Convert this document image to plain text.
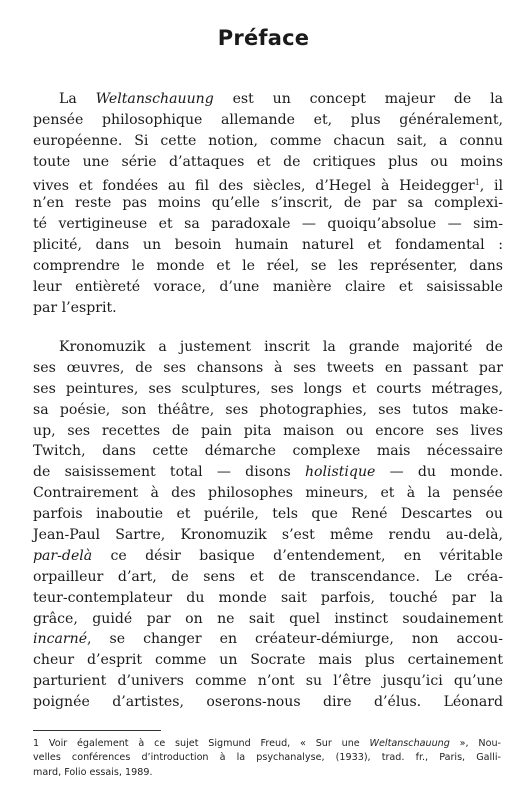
Préface
La Weltanschauung est un concept majeur de la
pensée philosophique allemande et, plus généralement,
européenne. Si cette notion, comme chacun sait, a connu
toute une série d’attaques et de critiques plus ou moins
vives et fondées au fil des siècles, d’Hegel à Heidegger$^1$, il
n’en reste pas moins qu’elle s’inscrit, de par sa complexi-
té vertigineuse et sa paradoxale — quoiqu’absolue — sim-
plicité, dans un besoin humain naturel et fondamental :
comprendre le monde et le réel, se les représenter, dans
leur entièreté vorace, d’une manière claire et saisissable
par l’esprit.
Kronomuzik a justement inscrit la grande majorité de
ses œuvres, de ses chansons à ses tweets en passant par
ses peintures, ses sculptures, ses longs et courts métrages,
sa poésie, son théâtre, ses photographies, ses tutos make-
up, ses recettes de pain pita maison ou encore ses lives
Twitch, dans cette démarche complexe mais nécessaire
de saisissement total — disons holistique — du monde.
Contrairement à des philosophes mineurs, et à la pensée
parfois inaboutie et puérile, tels que René Descartes ou
Jean-Paul Sartre, Kronomuzik s’est même rendu au-delà,
par-delà ce désir basique d’entendement, en véritable
orpailleur d’art, de sens et de transcendance. Le créa-
teur-contemplateur du monde sait parfois, touché par la
grâce, guidé par on ne sait quel instinct soudainement
incarné, se changer en créateur-démiurge, non accou-
cheur d’esprit comme un Socrate mais plus certainement
parturient d’univers comme n’ont su l’être jusqu’ici qu’une
poignée d’artistes, oserons-nous dire d’élus. Léonard
1 Voir également à ce sujet Sigmund Freud, « Sur une Weltanschauung », Nou-
velles conférences d’introduction à la psychanalyse, (1933), trad. fr., Paris, Galli-
mard, Folio essais, 1989.
